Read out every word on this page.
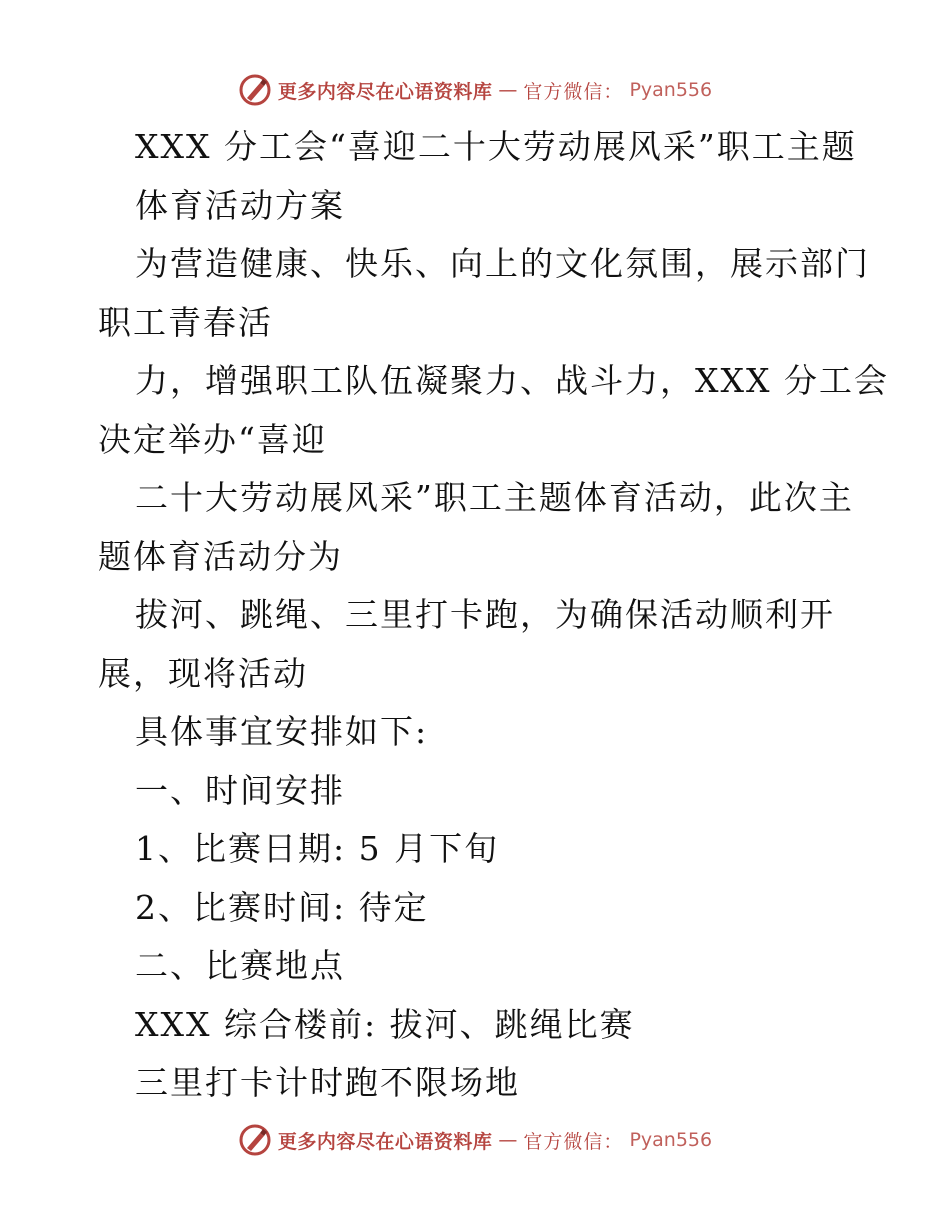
更多内容尽在心语资料库 — 官方微信： Pyan556
XXX 分工会“喜迎二十大劳动展风采”职工主题
体育活动方案
为营造健康、快乐、向上的文化氛围，展示部门
职工青春活
力，增强职工队伍凝聚力、战斗力，XXX 分工会
决定举办“喜迎
二十大劳动展风采”职工主题体育活动，此次主
题体育活动分为
拔河、跳绳、三里打卡跑，为确保活动顺利开
展，现将活动
具体事宜安排如下:
一、时间安排
1、比赛日期: 5 月下旬
2、比赛时间: 待定
二、比赛地点
XXX 综合楼前: 拔河、跳绳比赛
三里打卡计时跑不限场地
更多内容尽在心语资料库 — 官方微信： Pyan556
